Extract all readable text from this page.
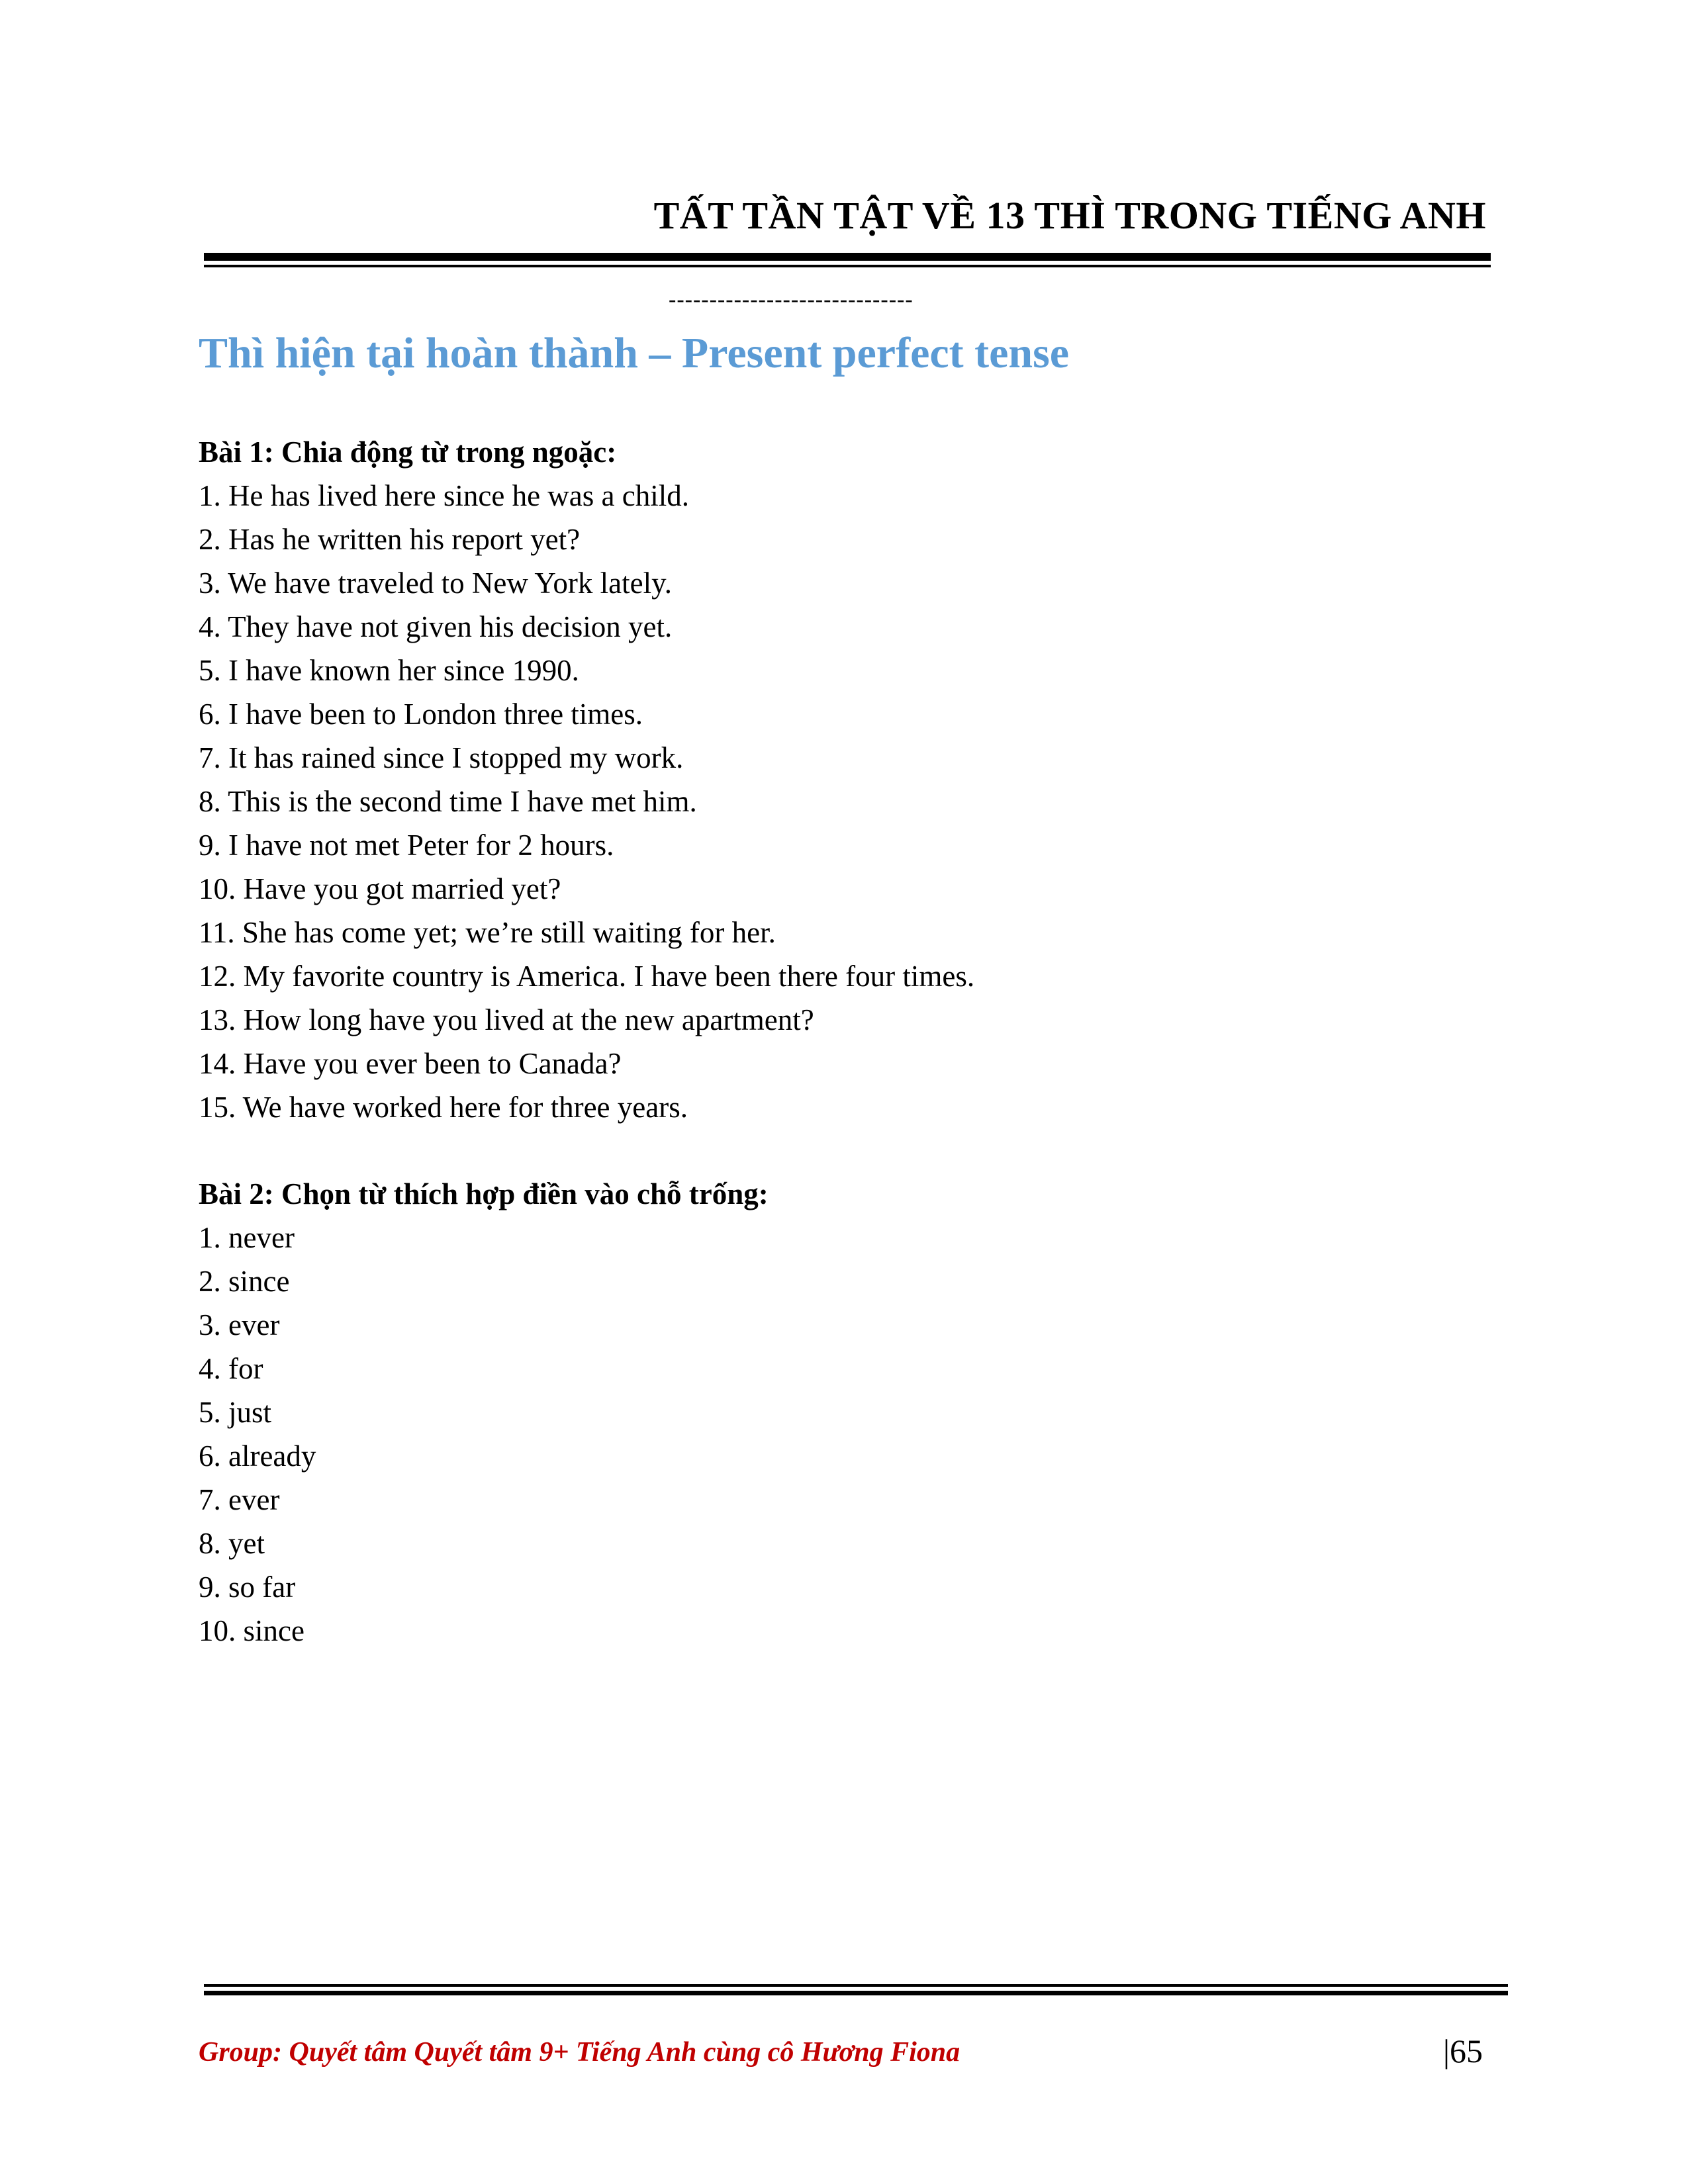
TẤT TẦN TẬT VỀ 13 THÌ TRONG TIẾNG ANH
------------------------------
Thì hiện tại hoàn thành – Present perfect tense
Bài 1: Chia động từ trong ngoặc:
1. He has lived here since he was a child.
2. Has he written his report yet?
3. We have traveled to New York lately.
4. They have not given his decision yet.
5. I have known her since 1990.
6. I have been to London three times.
7. It has rained since I stopped my work.
8. This is the second time I have met him.
9. I have not met Peter for 2 hours.
10. Have you got married yet?
11. She has come yet; we’re still waiting for her.
12. My favorite country is America. I have been there four times.
13. How long have you lived at the new apartment?
14. Have you ever been to Canada?
15. We have worked here for three years.
Bài 2: Chọn từ thích hợp điền vào chỗ trống:
1. never
2. since
3. ever
4. for
5. just
6. already
7. ever
8. yet
9. so far
10. since
Group: Quyết tâm Quyết tâm 9+ Tiếng Anh cùng cô Hương Fiona	|65
